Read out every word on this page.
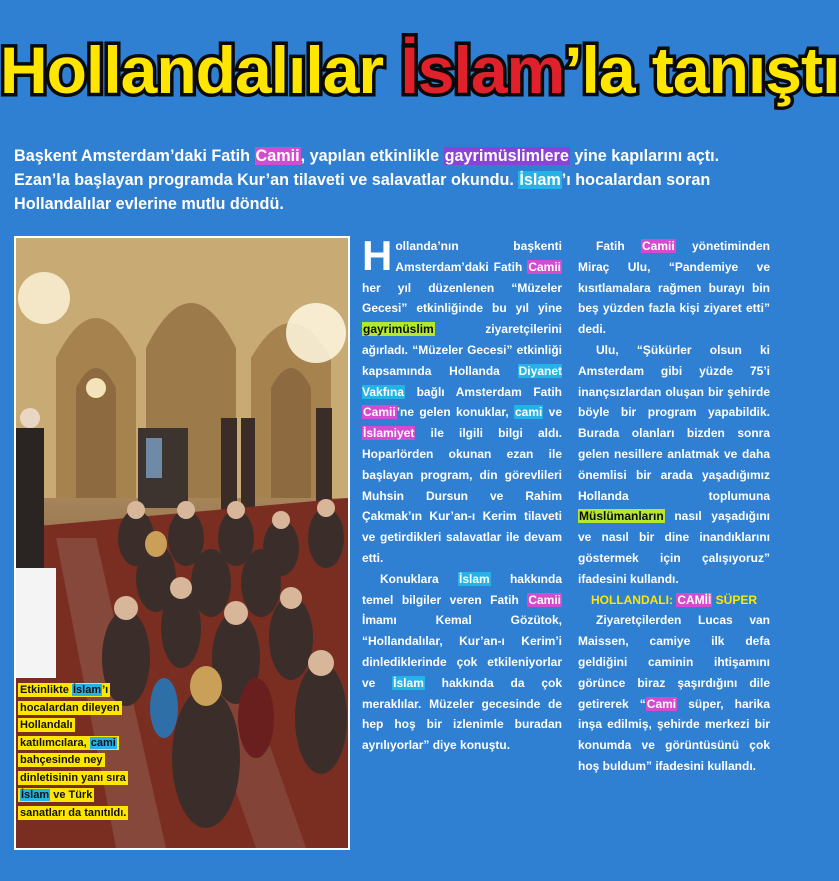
Hollandalılar İslam’la tanıştı
Başkent Amsterdam’daki Fatih Camii, yapılan etkinlikle gayrimüslimlere yine kapılarını açtı. Ezan’la başlayan programda Kur’an tilaveti ve salavatlar okundu. İslam’ı hocalardan soran Hollandalılar evlerine mutlu döndü.
Etkinlikte İslam’ı hocalardan dileyen Hollandalı katılımcılara, cami bahçesinde ney dinletisinin yanı sıra İslam ve Türk sanatları da tanıtıldı.

Hollanda’nın başkenti Amsterdam’daki Fatih Camii her yıl düzenlenen “Müzeler Gecesi” etkinliğinde bu yıl yine gayrimüslim ziyaretçilerini ağırladı. “Müzeler Gecesi” etkinliği kapsamında Hollanda Diyanet Vakfına bağlı Amsterdam Fatih Camii’ne gelen konuklar, cami ve İslamiyet ile ilgili bilgi aldı. Hoparlörden okunan ezan ile başlayan program, din görevlileri Muhsin Dursun ve Rahim Çakmak’ın Kur’an-ı Kerim tilaveti ve getirdikleri salavatlar ile devam etti.

Konuklara İslam hakkında temel bilgiler veren Fatih Camii İmamı Kemal Gözütok, “Hollandalılar, Kur’an-ı Kerim’i dinlediklerinde çok etkileniyorlar ve İslam hakkında da çok meraklılar. Müzeler gecesinde de hep hoş bir izlenimle buradan ayrılıyorlar” diye konuştu.

Fatih Camii yönetiminden Miraç Ulu, “Pandemiye ve kısıtlamalara rağmen burayı bin beş yüzden fazla kişi ziyaret etti” dedi.

Ulu, “Şükürler olsun ki Amsterdam gibi yüzde 75’i inançsızlardan oluşan bir şehirde böyle bir program yapabildik. Burada olanları bizden sonra gelen nesillere anlatmak ve daha önemlisi bir arada yaşadığımız Hollanda toplumuna Müslümanların nasıl yaşadığını ve nasıl bir dine inandıklarını göstermek için çalışıyoruz” ifadesini kullandı.

HOLLANDALI: CAMİİ SÜPER

Ziyaretçilerden Lucas van Maissen, camiye ilk defa geldiğini caminin ihtişamını görünce biraz şaşırdığını dile getirerek “Cami süper, harika inşa edilmiş, şehirde merkezi bir konumda ve görüntüsünü çok hoş buldum” ifadesini kullandı.
